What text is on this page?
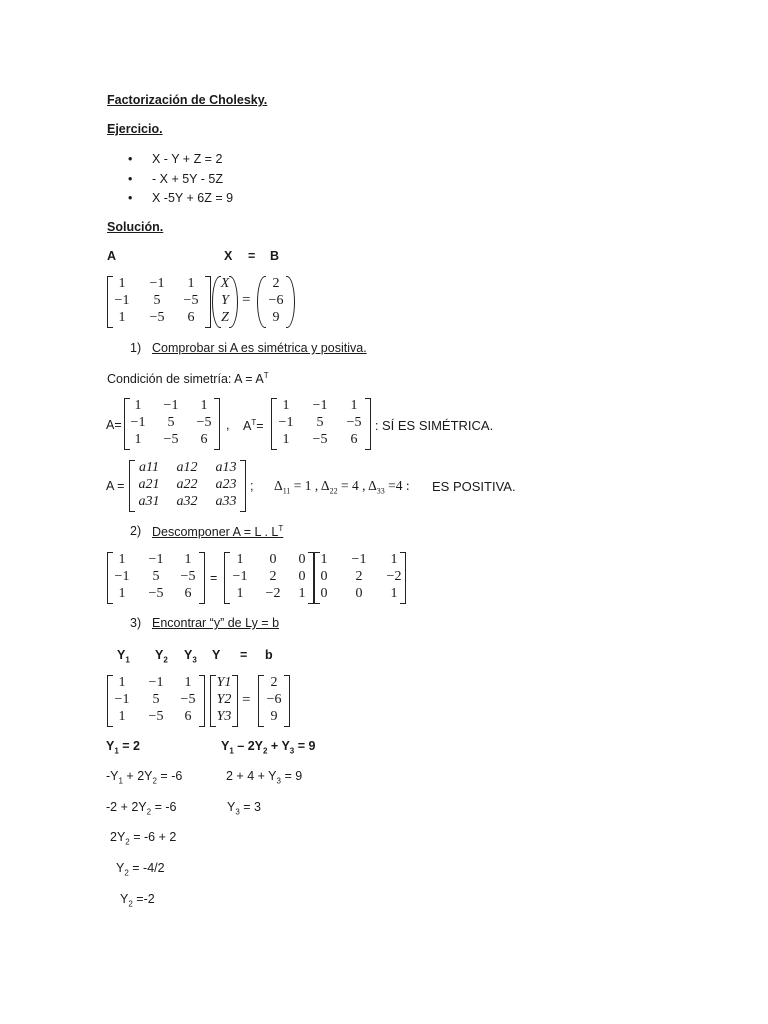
Factorización de Cholesky.
Ejercicio.
• X - Y + Z = 2
• - X + 5Y - 5Z
• X -5Y + 6Z = 9
Solución.
A	X = B
1	−1	1
−1	5	−5
1	−5	6
X
Y
Z
=
2
−6
9
1) Comprobar si A es simétrica y positiva.
Condición de simetría: $A = A^T$
A=
1	−1	1
−1	5	−5
1	−5	6
, $A^T=$
1	−1	1
−1	5	−5
1	−5	6
: SÍ ES SIMÉTRICA.
A =
a11	a12	a13
a21	a22	a23
a31	a32	a33
; $\Delta_{11} = 1$ , $\Delta_{22} = 4$ , $\Delta_{33} =4$ : ES POSITIVA.
2) Descomponer A = L . $L^T$
1	−1	1
−1	5	−5
1	−5	6
=
1	0	0
−1	2	0
1	−2	1
1	−1	1
0	2	−2
0	0	1
3) Encontrar “y” de Ly = b
$Y_1$ $Y_2$ $Y_3$ Y = b
1	−1	1
−1	5	−5
1	−5	6
Y1
Y2
Y3
=
2
−6
9
$Y_1 = 2$	$Y_1 - 2Y_2 + Y_3 = 9$
$-Y_1 + 2Y_2 = -6$	$2 + 4 + Y_3 = 9$
$-2 + 2Y_2 = -6$	$Y_3 = 3$
$2Y_2 = -6 + 2$
$Y_2 = -4/2$
$Y_2 =-2$
